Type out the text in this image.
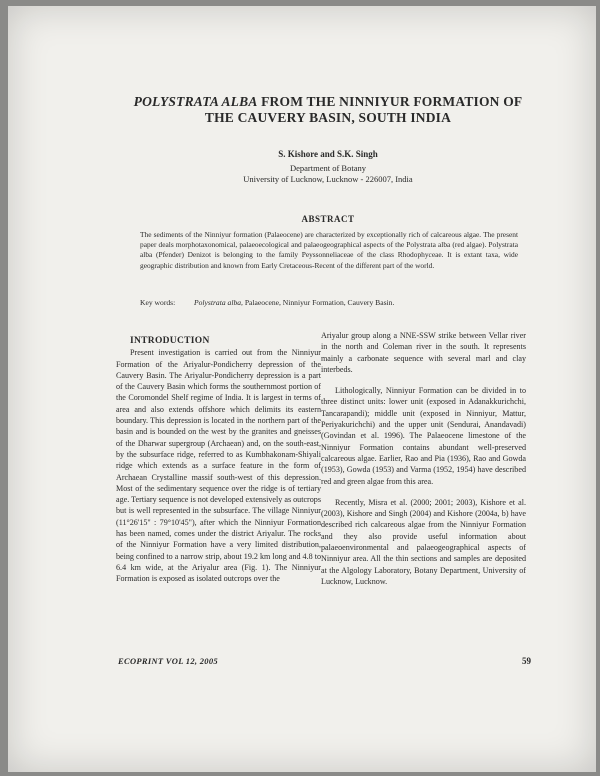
POLYSTRATA ALBA FROM THE NINNIYUR FORMATION OF
THE CAUVERY BASIN, SOUTH INDIA
S. Kishore and S.K. Singh
Department of Botany
University of Lucknow, Lucknow - 226007, India
ABSTRACT
The sediments of the Ninniyur formation (Palaeocene) are characterized by exceptionally rich of calcareous algae. The present paper deals morphotaxonomical, palaeoecological and palaeogeographical aspects of the Polystrata alba (red algae). Polystrata alba (Pfender) Denizot is belonging to the family Peyssonneliaceae of the class Rhodophyceae. It is extant taxa, wide geographic distribution and known from Early Cretaceous-Recent of the different part of the world.
Key words: Polystrata alba, Palaeocene, Ninniyur Formation, Cauvery Basin.

INTRODUCTION

Present investigation is carried out from the Ninniyur Formation of the Ariyalur-Pondicherry depression of the Cauvery Basin. The Ariyalur-Pondicherry depression is a part of the Cauvery Basin which forms the southernmost portion of the Coromondel Shelf regime of India. It is largest in terms of area and also extends offshore which delimits its eastern boundary. This depression is located in the northern part of the basin and is bounded on the west by the granites and gneisses of the Dharwar supergroup (Archaean) and, on the south-east, by the subsurface ridge, referred to as Kumbhakonam-Shiyali ridge which extends as a surface feature in the form of Archaean Crystalline massif south-west of this depression. Most of the sedimentary sequence over the ridge is of tertiary age. Tertiary sequence is not developed extensively as outcrops but is well represented in the subsurface. The village Ninniyur (11°26'15" : 79°10'45"), after which the Ninniyur Formation has been named, comes under the district Ariyalur. The rocks of the Ninniyur Formation have a very limited distribution, being confined to a narrow strip, about 19.2 km long and 4.8 to 6.4 km wide, at the Ariyalur area (Fig. 1). The Ninniyur Formation is exposed as isolated outcrops over the

Ariyalur group along a NNE-SSW strike between Vellar river in the north and Coleman river in the south. It represents mainly a carbonate sequence with several marl and clay interbeds.

Lithologically, Ninniyur Formation can be divided in to three distinct units: lower unit (exposed in Adanakkurichchi, Tancarapandi); middle unit (exposed in Ninniyur, Mattur, Periyakurichchi) and the upper unit (Sendurai, Anandavadi) (Govindan et al. 1996). The Palaeocene limestone of the Ninniyur Formation contains abundant well-preserved calcareous algae. Earlier, Rao and Pia (1936), Rao and Gowda (1953), Gowda (1953) and Varma (1952, 1954) have described red and green algae from this area.

Recently, Misra et al. (2000; 2001; 2003), Kishore et al. (2003), Kishore and Singh (2004) and Kishore (2004a, b) have described rich calcareous algae from the Ninniyur Formation and they also provide useful information about palaeoenvironmental and palaeogeographical aspects of Ninniyur area. All the thin sections and samples are deposited at the Algology Laboratory, Botany Department, University of Lucknow, Lucknow.

ECOPRINT VOL 12, 2005	59
